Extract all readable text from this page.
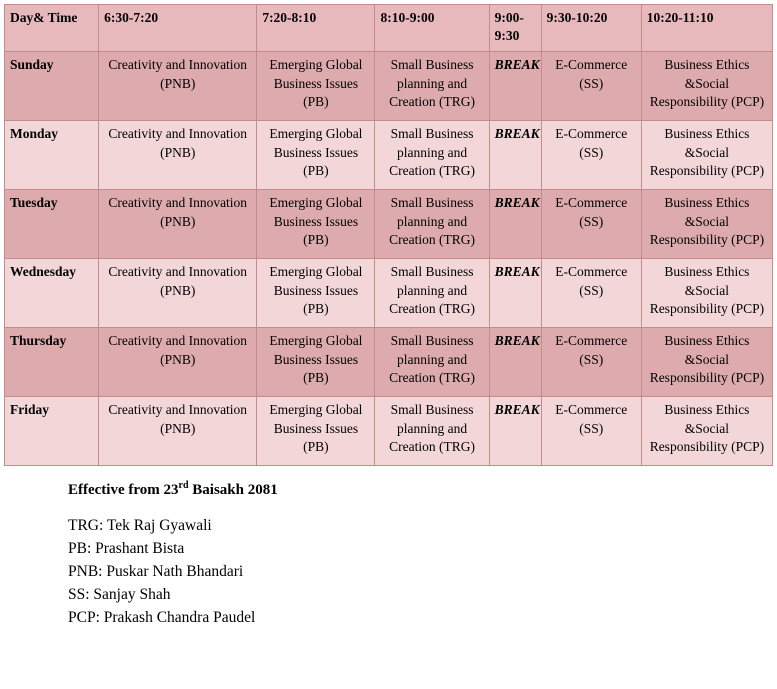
Day& Time	6:30-7:20	7:20-8:10	8:10-9:00	9:00-9:30	9:30-10:20	10:20-11:10
Sunday	Creativity and Innovation (PNB)	Emerging Global Business Issues (PB)	Small Business planning and Creation (TRG)	BREAK	E-Commerce (SS)	Business Ethics &Social Responsibility (PCP)
Monday	Creativity and Innovation (PNB)	Emerging Global Business Issues (PB)	Small Business planning and Creation (TRG)	BREAK	E-Commerce (SS)	Business Ethics &Social Responsibility (PCP)
Tuesday	Creativity and Innovation (PNB)	Emerging Global Business Issues (PB)	Small Business planning and Creation (TRG)	BREAK	E-Commerce (SS)	Business Ethics &Social Responsibility (PCP)
Wednesday	Creativity and Innovation (PNB)	Emerging Global Business Issues (PB)	Small Business planning and Creation (TRG)	BREAK	E-Commerce (SS)	Business Ethics &Social Responsibility (PCP)
Thursday	Creativity and Innovation (PNB)	Emerging Global Business Issues (PB)	Small Business planning and Creation (TRG)	BREAK	E-Commerce (SS)	Business Ethics &Social Responsibility (PCP)
Friday	Creativity and Innovation (PNB)	Emerging Global Business Issues (PB)	Small Business planning and Creation (TRG)	BREAK	E-Commerce (SS)	Business Ethics &Social Responsibility (PCP)
Effective from 23rd Baisakh 2081
TRG: Tek Raj Gyawali
PB: Prashant Bista
PNB: Puskar Nath Bhandari
SS: Sanjay Shah
PCP: Prakash Chandra Paudel
